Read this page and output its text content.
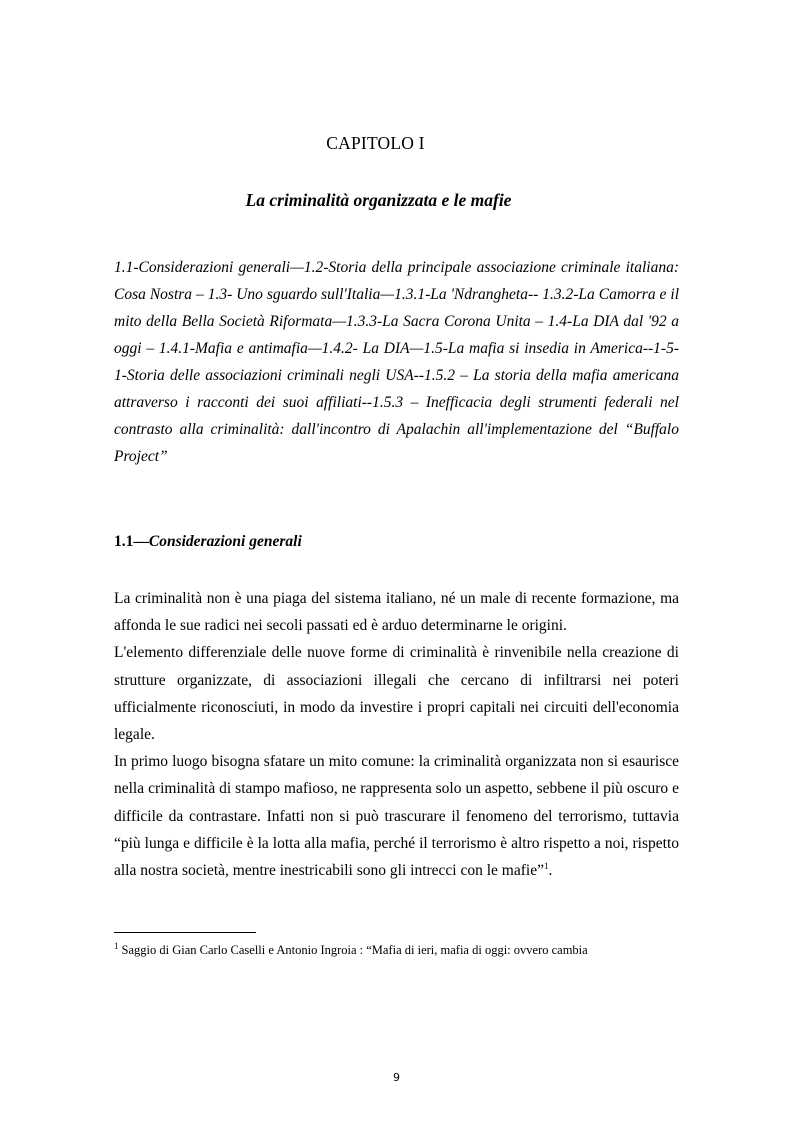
CAPITOLO I
La criminalità organizzata e le mafie
1.1-Considerazioni generali—1.2-Storia della principale associazione criminale italiana: Cosa Nostra – 1.3- Uno sguardo sull'Italia—1.3.1-La 'Ndrangheta-- 1.3.2-La Camorra e il mito della Bella Società Riformata—1.3.3-La Sacra Corona Unita – 1.4-La DIA dal '92 a oggi – 1.4.1-Mafia e antimafia—1.4.2- La DIA—1.5-La mafia si insedia in America--1-5-1-Storia delle associazioni criminali negli USA--1.5.2 – La storia della mafia americana attraverso i racconti dei suoi affiliati--1.5.3 – Inefficacia degli strumenti federali nel contrasto alla criminalità: dall'incontro di Apalachin all'implementazione del “Buffalo Project”
1.1—Considerazioni generali

La criminalità non è una piaga del sistema italiano, né un male di recente formazione, ma affonda le sue radici nei secoli passati ed è arduo determinarne le origini.

L'elemento differenziale delle nuove forme di criminalità è rinvenibile nella creazione di strutture organizzate, di associazioni illegali che cercano di infiltrarsi nei poteri ufficialmente riconosciuti, in modo da investire i propri capitali nei circuiti dell'economia legale.

In primo luogo bisogna sfatare un mito comune: la criminalità organizzata non si esaurisce nella criminalità di stampo mafioso, ne rappresenta solo un aspetto, sebbene il più oscuro e difficile da contrastare. Infatti non si può trascurare il fenomeno del terrorismo, tuttavia “più lunga e difficile è la lotta alla mafia, perché il terrorismo è altro rispetto a noi, rispetto alla nostra società, mentre inestricabili sono gli intrecci con le mafie”$^1$.

$^1$ Saggio di Gian Carlo Caselli e Antonio Ingroia : “Mafia di ieri, mafia di oggi: ovvero cambia
9
